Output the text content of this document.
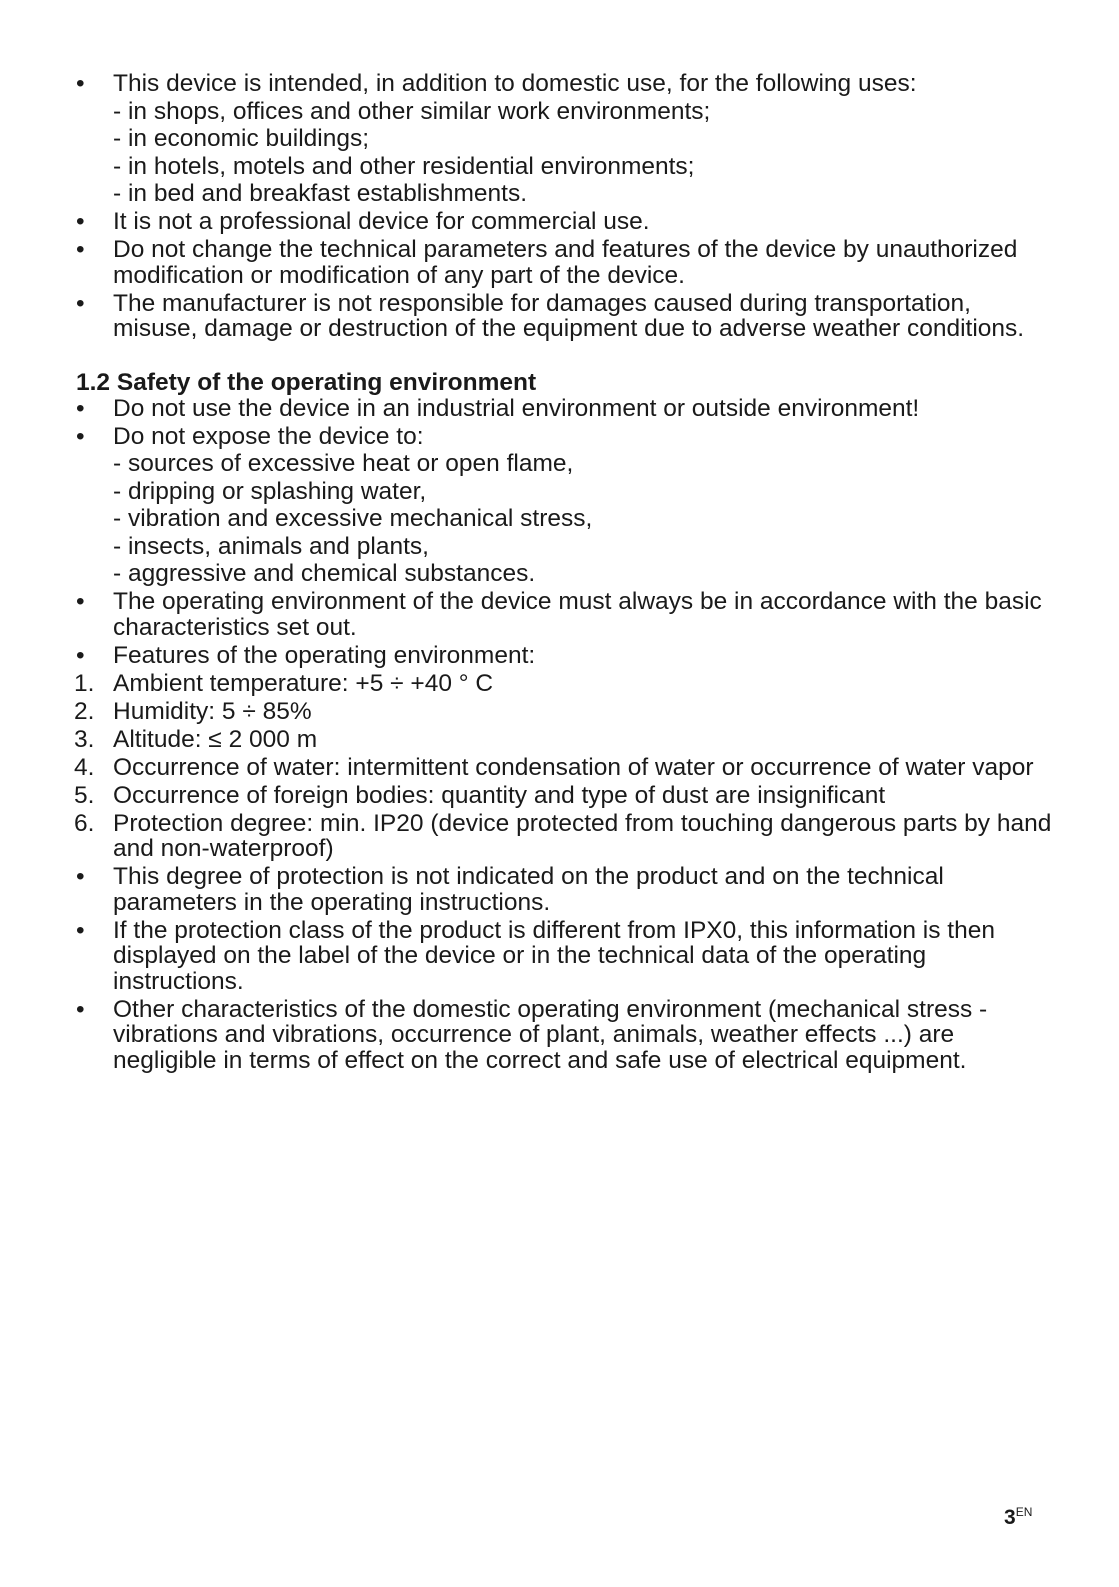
•	This device is intended, in addition to domestic use, for the following uses:
- in shops, offices and other similar work environments;
- in economic buildings;
- in hotels, motels and other residential environments;
- in bed and breakfast establishments.
•	It is not a professional device for commercial use.
•	Do not change the technical parameters and features of the device by unauthorized modification or modification of any part of the device.
•	The manufacturer is not responsible for damages caused during transportation, misuse, damage or destruction of the equipment due to adverse weather conditions.
1.2 Safety of the operating environment
•	Do not use the device in an industrial environment or outside environment!
•	Do not expose the device to:
- sources of excessive heat or open flame,
- dripping or splashing water,
- vibration and excessive mechanical stress,
- insects, animals and plants,
- aggressive and chemical substances.
•	The operating environment of the device must always be in accordance with the basic characteristics set out.
•	Features of the operating environment:
1. Ambient temperature: +5 ÷ +40 ° C
2. Humidity: 5 ÷ 85%
3. Altitude: ≤ 2 000 m
4. Occurrence of water: intermittent condensation of water or occurrence of water vapor
5. Occurrence of foreign bodies: quantity and type of dust are insignificant
6. Protection degree: min. IP20 (device protected from touching dangerous parts by hand and non-waterproof)
•	This degree of protection is not indicated on the product and on the technical parameters in the operating instructions.
•	If the protection class of the product is different from IPX0, this information is then displayed on the label of the device or in the technical data of the operating instructions.
•	Other characteristics of the domestic operating environment (mechanical stress - vibrations and vibrations, occurrence of plant, animals, weather effects ...) are negligible in terms of effect on the correct and safe use of electrical equipment.
$3^{EN}$
